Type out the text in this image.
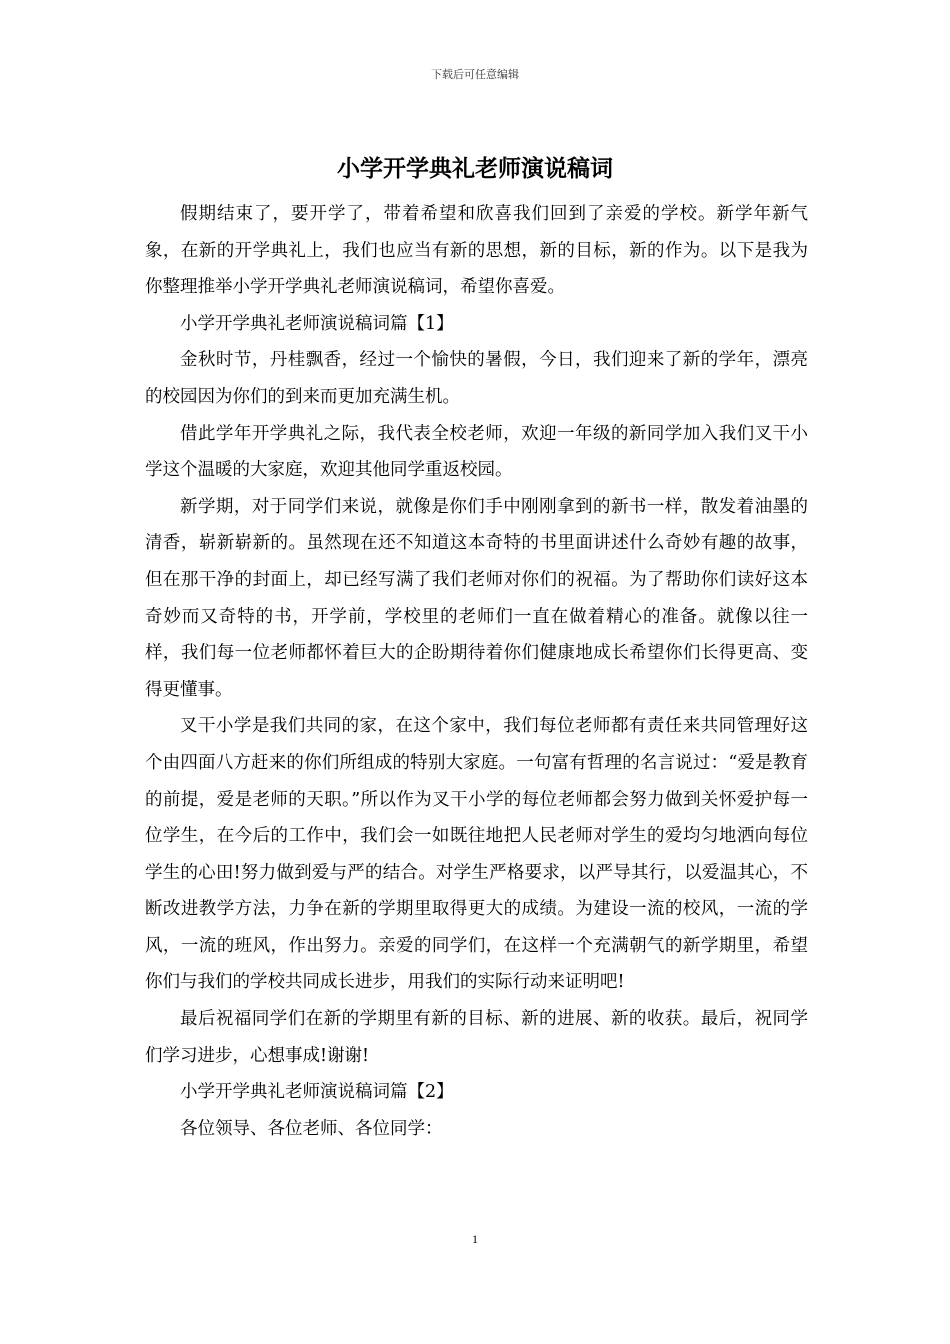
下载后可任意编辑
小学开学典礼老师演说稿词

假期结束了，要开学了，带着希望和欣喜我们回到了亲爱的学校。新学年新气象，在新的开学典礼上，我们也应当有新的思想，新的目标，新的作为。以下是我为你整理推举小学开学典礼老师演说稿词，希望你喜爱。

小学开学典礼老师演说稿词篇【1】

金秋时节，丹桂飘香，经过一个愉快的暑假，今日，我们迎来了新的学年，漂亮的校园因为你们的到来而更加充满生机。

借此学年开学典礼之际，我代表全校老师，欢迎一年级的新同学加入我们叉干小学这个温暖的大家庭，欢迎其他同学重返校园。

新学期，对于同学们来说，就像是你们手中刚刚拿到的新书一样，散发着油墨的清香，崭新崭新的。虽然现在还不知道这本奇特的书里面讲述什么奇妙有趣的故事，但在那干净的封面上，却已经写满了我们老师对你们的祝福。为了帮助你们读好这本奇妙而又奇特的书，开学前，学校里的老师们一直在做着精心的准备。就像以往一样，我们每一位老师都怀着巨大的企盼期待着你们健康地成长希望你们长得更高、变得更懂事。

叉干小学是我们共同的家，在这个家中，我们每位老师都有责任来共同管理好这个由四面八方赶来的你们所组成的特别大家庭。一句富有哲理的名言说过：“爱是教育的前提，爱是老师的天职。”所以作为叉干小学的每位老师都会努力做到关怀爱护每一位学生，在今后的工作中，我们会一如既往地把人民老师对学生的爱均匀地洒向每位学生的心田!努力做到爱与严的结合。对学生严格要求，以严导其行，以爱温其心，不断改进教学方法，力争在新的学期里取得更大的成绩。为建设一流的校风，一流的学风，一流的班风，作出努力。亲爱的同学们，在这样一个充满朝气的新学期里，希望你们与我们的学校共同成长进步，用我们的实际行动来证明吧!

最后祝福同学们在新的学期里有新的目标、新的进展、新的收获。最后，祝同学们学习进步，心想事成!谢谢!

小学开学典礼老师演说稿词篇【2】

各位领导、各位老师、各位同学：

1
